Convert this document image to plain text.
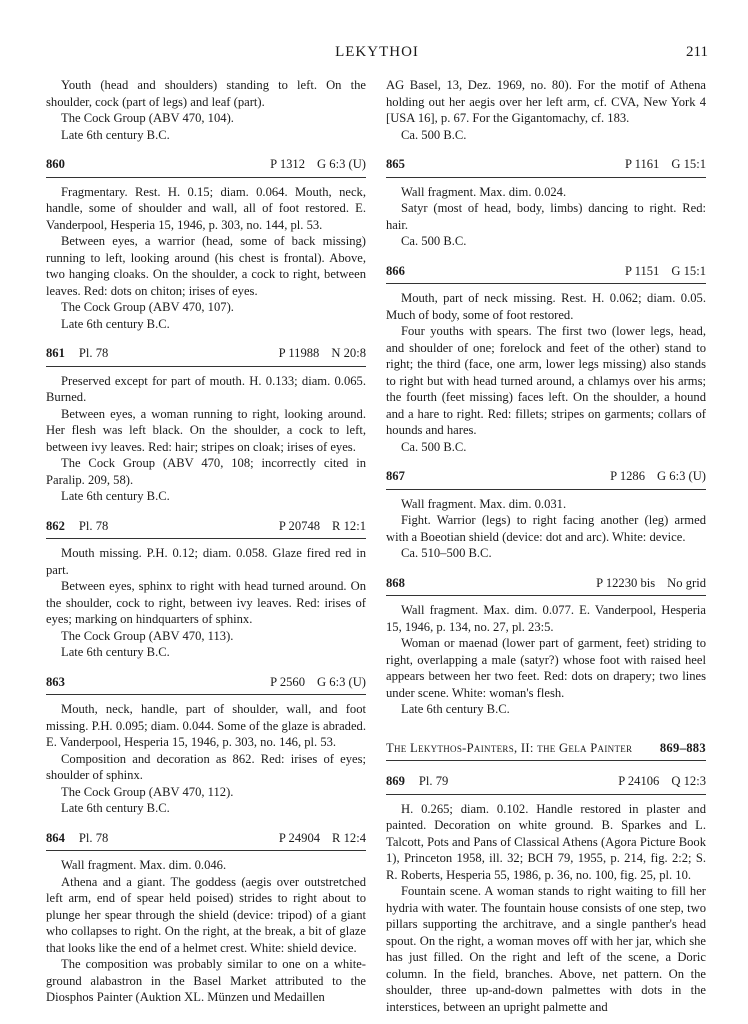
LEKYTHOI	211

Youth (head and shoulders) standing to left. On the shoulder, cock (part of legs) and leaf (part).

The Cock Group (ABV 470, 104).

Late 6th century B.C.

860	P 1312 G 6:3 (U)

Fragmentary. Rest. H. 0.15; diam. 0.064. Mouth, neck, handle, some of shoulder and wall, all of foot restored. E. Vanderpool, Hesperia 15, 1946, p. 303, no. 144, pl. 53.

Between eyes, a warrior (head, some of back missing) running to left, looking around (his chest is frontal). Above, two hanging cloaks. On the shoulder, a cock to right, between leaves. Red: dots on chiton; irises of eyes.

The Cock Group (ABV 470, 107).

Late 6th century B.C.

861 Pl. 78	P 11988 N 20:8

Preserved except for part of mouth. H. 0.133; diam. 0.065. Burned.

Between eyes, a woman running to right, looking around. Her flesh was left black. On the shoulder, a cock to left, between ivy leaves. Red: hair; stripes on cloak; irises of eyes.

The Cock Group (ABV 470, 108; incorrectly cited in Paralip. 209, 58).

Late 6th century B.C.

862 Pl. 78	P 20748 R 12:1

Mouth missing. P.H. 0.12; diam. 0.058. Glaze fired red in part.

Between eyes, sphinx to right with head turned around. On the shoulder, cock to right, between ivy leaves. Red: irises of eyes; marking on hindquarters of sphinx.

The Cock Group (ABV 470, 113).

Late 6th century B.C.

863	P 2560 G 6:3 (U)

Mouth, neck, handle, part of shoulder, wall, and foot missing. P.H. 0.095; diam. 0.044. Some of the glaze is abraded. E. Vanderpool, Hesperia 15, 1946, p. 303, no. 146, pl. 53.

Composition and decoration as 862. Red: irises of eyes; shoulder of sphinx.

The Cock Group (ABV 470, 112).

Late 6th century B.C.

864 Pl. 78	P 24904 R 12:4

Wall fragment. Max. dim. 0.046.

Athena and a giant. The goddess (aegis over outstretched left arm, end of spear held poised) strides to right about to plunge her spear through the shield (device: tripod) of a giant who collapses to right. On the right, at the break, a bit of glaze that looks like the end of a helmet crest. White: shield device.

The composition was probably similar to one on a white-ground alabastron in the Basel Market attributed to the Diosphos Painter (Auktion XL. Münzen und Medaillen

AG Basel, 13, Dez. 1969, no. 80). For the motif of Athena holding out her aegis over her left arm, cf. CVA, New York 4 [USA 16], p. 67. For the Gigantomachy, cf. 183.

Ca. 500 B.C.

865	P 1161 G 15:1

Wall fragment. Max. dim. 0.024.

Satyr (most of head, body, limbs) dancing to right. Red: hair.

Ca. 500 B.C.

866	P 1151 G 15:1

Mouth, part of neck missing. Rest. H. 0.062; diam. 0.05. Much of body, some of foot restored.

Four youths with spears. The first two (lower legs, head, and shoulder of one; forelock and feet of the other) stand to right; the third (face, one arm, lower legs missing) also stands to right but with head turned around, a chlamys over his arms; the fourth (feet missing) faces left. On the shoulder, a hound and a hare to right. Red: fillets; stripes on garments; collars of hounds and hares.

Ca. 500 B.C.

867	P 1286 G 6:3 (U)

Wall fragment. Max. dim. 0.031.

Fight. Warrior (legs) to right facing another (leg) armed with a Boeotian shield (device: dot and arc). White: device.

Ca. 510–500 B.C.

868	P 12230 bis No grid

Wall fragment. Max. dim. 0.077. E. Vanderpool, Hesperia 15, 1946, p. 134, no. 27, pl. 23:5.

Woman or maenad (lower part of garment, feet) striding to right, overlapping a male (satyr?) whose foot with raised heel appears between her two feet. Red: dots on drapery; two lines under scene. White: woman's flesh.

Late 6th century B.C.

The Lekythos-Painters, II: the Gela Painter 869–883
869 Pl. 79	P 24106 Q 12:3

H. 0.265; diam. 0.102. Handle restored in plaster and painted. Decoration on white ground. B. Sparkes and L. Talcott, Pots and Pans of Classical Athens (Agora Picture Book 1), Princeton 1958, ill. 32; BCH 79, 1955, p. 214, fig. 2:2; S. R. Roberts, Hesperia 55, 1986, p. 36, no. 100, fig. 25, pl. 10.

Fountain scene. A woman stands to right waiting to fill her hydria with water. The fountain house consists of one step, two pillars supporting the architrave, and a single panther's head spout. On the right, a woman moves off with her jar, which she has just filled. On the right and left of the scene, a Doric column. In the field, branches. Above, net pattern. On the shoulder, three up-and-down palmettes with dots in the interstices, between an upright palmette and
